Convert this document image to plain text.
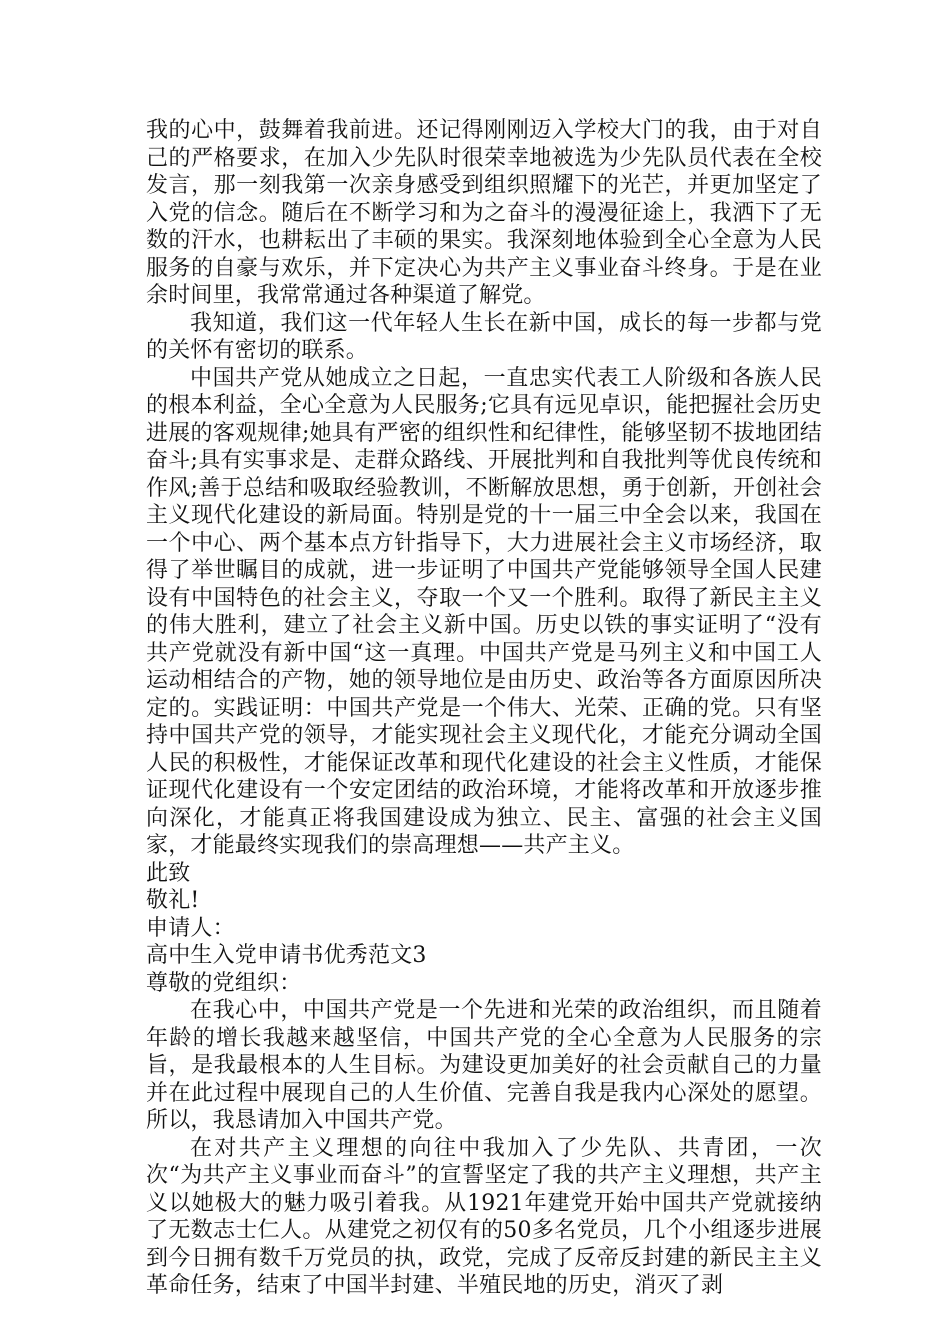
我的心中，鼓舞着我前进。还记得刚刚迈入学校大门的我，由于对自己的严格要求，在加入少先队时很荣幸地被选为少先队员代表在全校发言，那一刻我第一次亲身感受到组织照耀下的光芒，并更加坚定了入党的信念。随后在不断学习和为之奋斗的漫漫征途上，我洒下了无数的汗水，也耕耘出了丰硕的果实。我深刻地体验到全心全意为人民服务的自豪与欢乐，并下定决心为共产主义事业奋斗终身。于是在业余时间里，我常常通过各种渠道了解党。

我知道，我们这一代年轻人生长在新中国，成长的每一步都与党的关怀有密切的联系。

中国共产党从她成立之日起，一直忠实代表工人阶级和各族人民的根本利益，全心全意为人民服务;它具有远见卓识，能把握社会历史进展的客观规律;她具有严密的组织性和纪律性，能够坚韧不拔地团结奋斗;具有实事求是、走群众路线、开展批判和自我批判等优良传统和作风;善于总结和吸取经验教训，不断解放思想，勇于创新，开创社会主义现代化建设的新局面。特别是党的十一届三中全会以来，我国在一个中心、两个基本点方针指导下，大力进展社会主义市场经济，取得了举世瞩目的成就，进一步证明了中国共产党能够领导全国人民建设有中国特色的社会主义，夺取一个又一个胜利。取得了新民主主义的伟大胜利，建立了社会主义新中国。历史以铁的事实证明了“没有共产党就没有新中国“这一真理。中国共产党是马列主义和中国工人运动相结合的产物，她的领导地位是由历史、政治等各方面原因所决定的。实践证明：中国共产党是一个伟大、光荣、正确的党。只有坚持中国共产党的领导，才能实现社会主义现代化，才能充分调动全国人民的积极性，才能保证改革和现代化建设的社会主义性质，才能保证现代化建设有一个安定团结的政治环境，才能将改革和开放逐步推向深化，才能真正将我国建设成为独立、民主、富强的社会主义国家，才能最终实现我们的崇高理想——共产主义。

此致

敬礼!

申请人：

高中生入党申请书优秀范文3

尊敬的党组织：

在我心中，中国共产党是一个先进和光荣的政治组织，而且随着年龄的增长我越来越坚信，中国共产党的全心全意为人民服务的宗旨，是我最根本的人生目标。为建设更加美好的社会贡献自己的力量并在此过程中展现自己的人生价值、完善自我是我内心深处的愿望。所以，我恳请加入中国共产党。

在对共产主义理想的向往中我加入了少先队、共青团，一次次“为共产主义事业而奋斗”的宣誓坚定了我的共产主义理想，共产主义以她极大的魅力吸引着我。从1921年建党开始中国共产党就接纳了无数志士仁人。从建党之初仅有的50多名党员，几个小组逐步进展到今日拥有数千万党员的执，政党，完成了反帝反封建的新民主主义革命任务，结束了中国半封建、半殖民地的历史，消灭了剥
